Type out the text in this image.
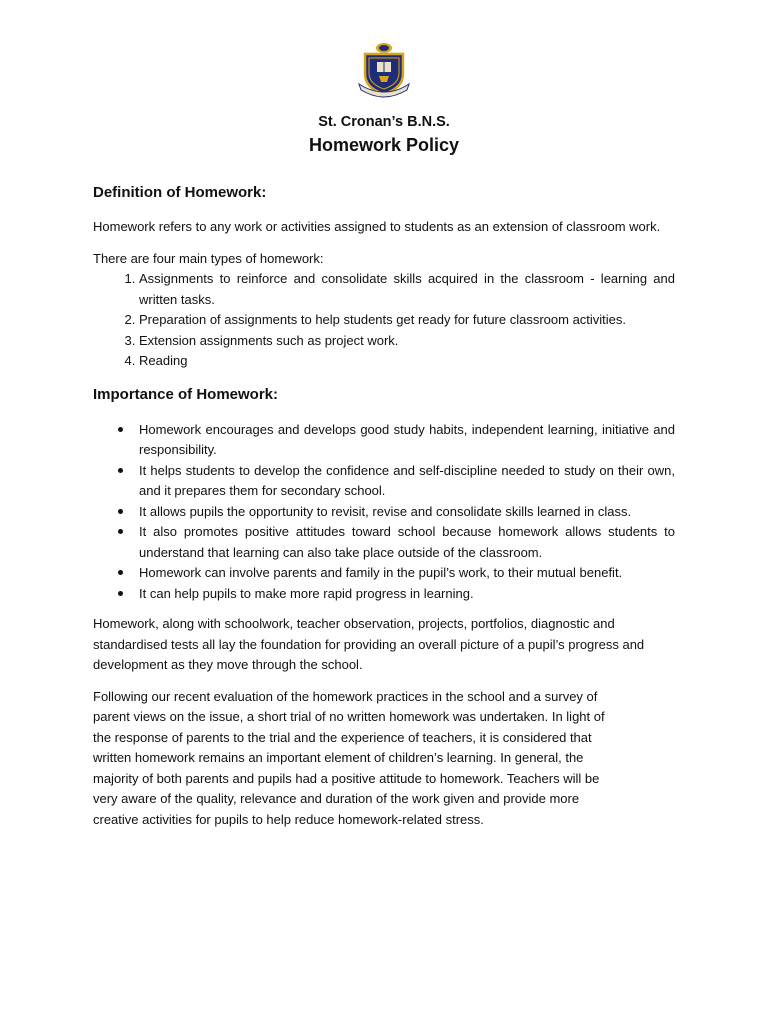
St. Cronan’s B.N.S.
Homework Policy
Definition of Homework:

Homework refers to any work or activities assigned to students as an extension of classroom work.

There are four main types of homework:

1. Assignments to reinforce and consolidate skills acquired in the classroom - learning and written tasks.
2. Preparation of assignments to help students get ready for future classroom activities.
3. Extension assignments such as project work.
4. Reading
Importance of Homework:
Homework encourages and develops good study habits, independent learning, initiative and responsibility.
It helps students to develop the confidence and self-discipline needed to study on their own, and it prepares them for secondary school.
It allows pupils the opportunity to revisit, revise and consolidate skills learned in class.
It also promotes positive attitudes toward school because homework allows students to understand that learning can also take place outside of the classroom.
Homework can involve parents and family in the pupil’s work, to their mutual benefit.
It can help pupils to make more rapid progress in learning.

Homework, along with schoolwork, teacher observation, projects, portfolios, diagnostic and standardised tests all lay the foundation for providing an overall picture of a pupil’s progress and development as they move through the school.

Following our recent evaluation of the homework practices in the school and a survey of
parent views on the issue, a short trial of no written homework was undertaken. In light of
the response of parents to the trial and the experience of teachers, it is considered that
written homework remains an important element of children’s learning. In general, the
majority of both parents and pupils had a positive attitude to homework. Teachers will be
very aware of the quality, relevance and duration of the work given and provide more
creative activities for pupils to help reduce homework-related stress.
